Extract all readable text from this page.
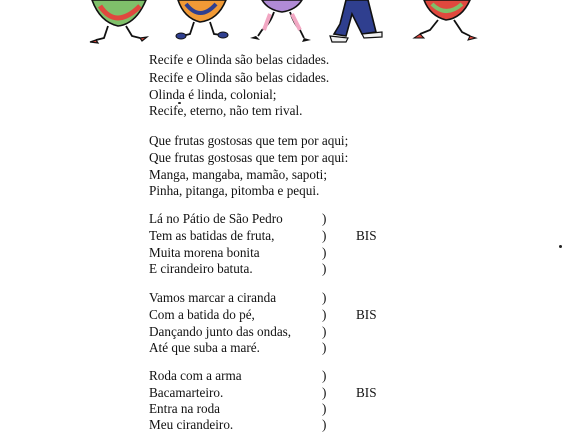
Recife e Olinda são belas cidades.
Recife e Olinda são belas cidades.
Olinda é linda, colonial;
Recife, eterno, não tem rival.
Que frutas gostosas que tem por aqui;
Que frutas gostosas que tem por aqui:
Manga, mangaba, mamão, sapoti;
Pinha, pitanga, pitomba e pequi.
Lá no Pátio de São Pedro
Tem as batidas de fruta,
Muita morena bonita
E cirandeiro batuta.
)
)
)
)
BIS
Vamos marcar a ciranda
Com a batida do pé,
Dançando junto das ondas,
Até que suba a maré.
)
)
)
)
BIS
Roda com a arma
Bacamarteiro.
Entra na roda
Meu cirandeiro.
)
)
)
)
BIS
